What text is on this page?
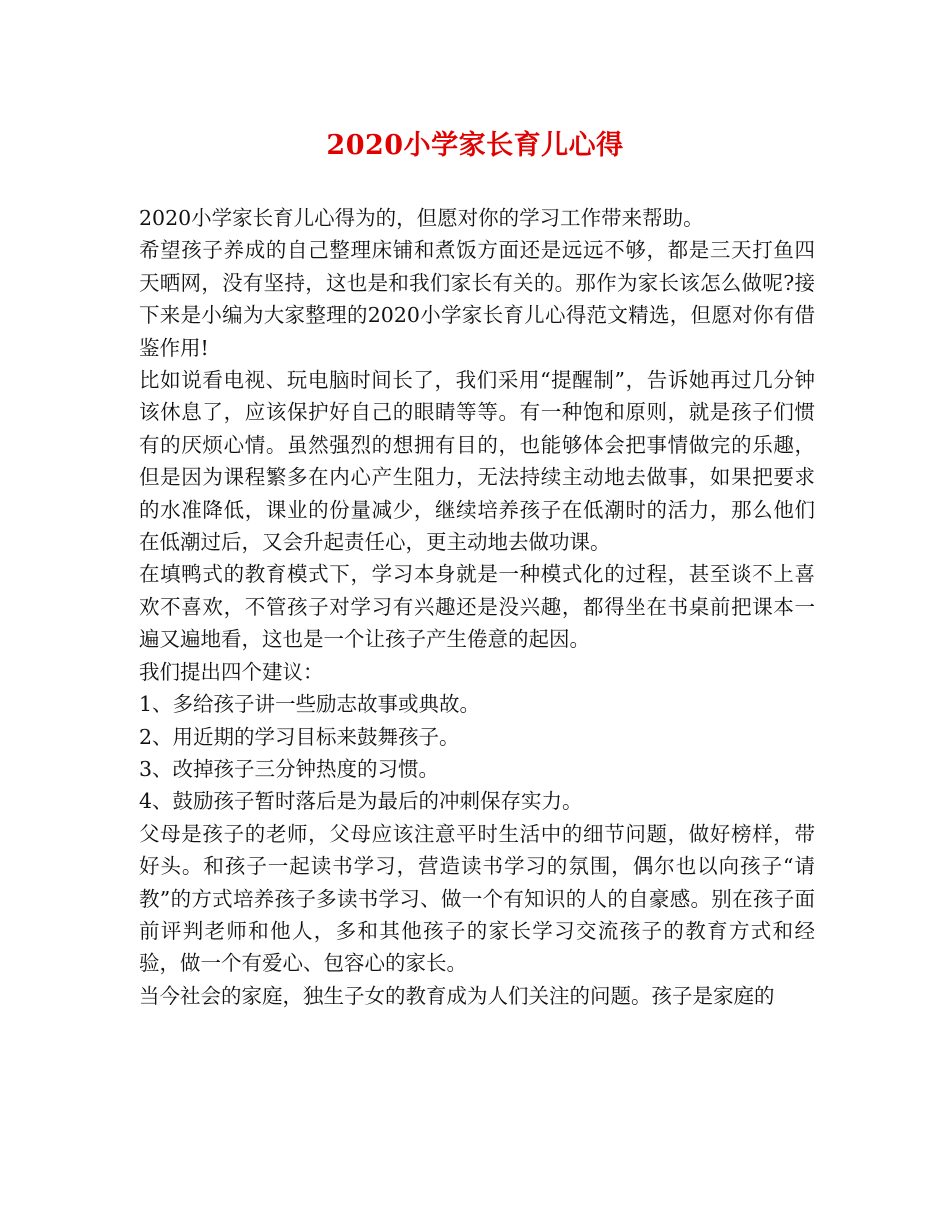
2020小学家长育儿心得

2020小学家长育儿心得为的，但愿对你的学习工作带来帮助。

希望孩子养成的自己整理床铺和煮饭方面还是远远不够，都是三天打鱼四天晒网，没有坚持，这也是和我们家长有关的。那作为家长该怎么做呢?接下来是小编为大家整理的2020小学家长育儿心得范文精选，但愿对你有借鉴作用!

比如说看电视、玩电脑时间长了，我们采用“提醒制”，告诉她再过几分钟该休息了，应该保护好自己的眼睛等等。有一种饱和原则，就是孩子们惯有的厌烦心情。虽然强烈的想拥有目的，也能够体会把事情做完的乐趣，但是因为课程繁多在内心产生阻力，无法持续主动地去做事，如果把要求的水准降低，课业的份量减少，继续培养孩子在低潮时的活力，那么他们在低潮过后，又会升起责任心，更主动地去做功课。

在填鸭式的教育模式下，学习本身就是一种模式化的过程，甚至谈不上喜欢不喜欢，不管孩子对学习有兴趣还是没兴趣，都得坐在书桌前把课本一遍又遍地看，这也是一个让孩子产生倦意的起因。

我们提出四个建议：

1、多给孩子讲一些励志故事或典故。

2、用近期的学习目标来鼓舞孩子。

3、改掉孩子三分钟热度的习惯。

4、鼓励孩子暂时落后是为最后的冲刺保存实力。

父母是孩子的老师，父母应该注意平时生活中的细节问题，做好榜样，带好头。和孩子一起读书学习，营造读书学习的氛围，偶尔也以向孩子“请教”的方式培养孩子多读书学习、做一个有知识的人的自豪感。别在孩子面前评判老师和他人，多和其他孩子的家长学习交流孩子的教育方式和经验，做一个有爱心、包容心的家长。

当今社会的家庭，独生子女的教育成为人们关注的问题。孩子是家庭的
